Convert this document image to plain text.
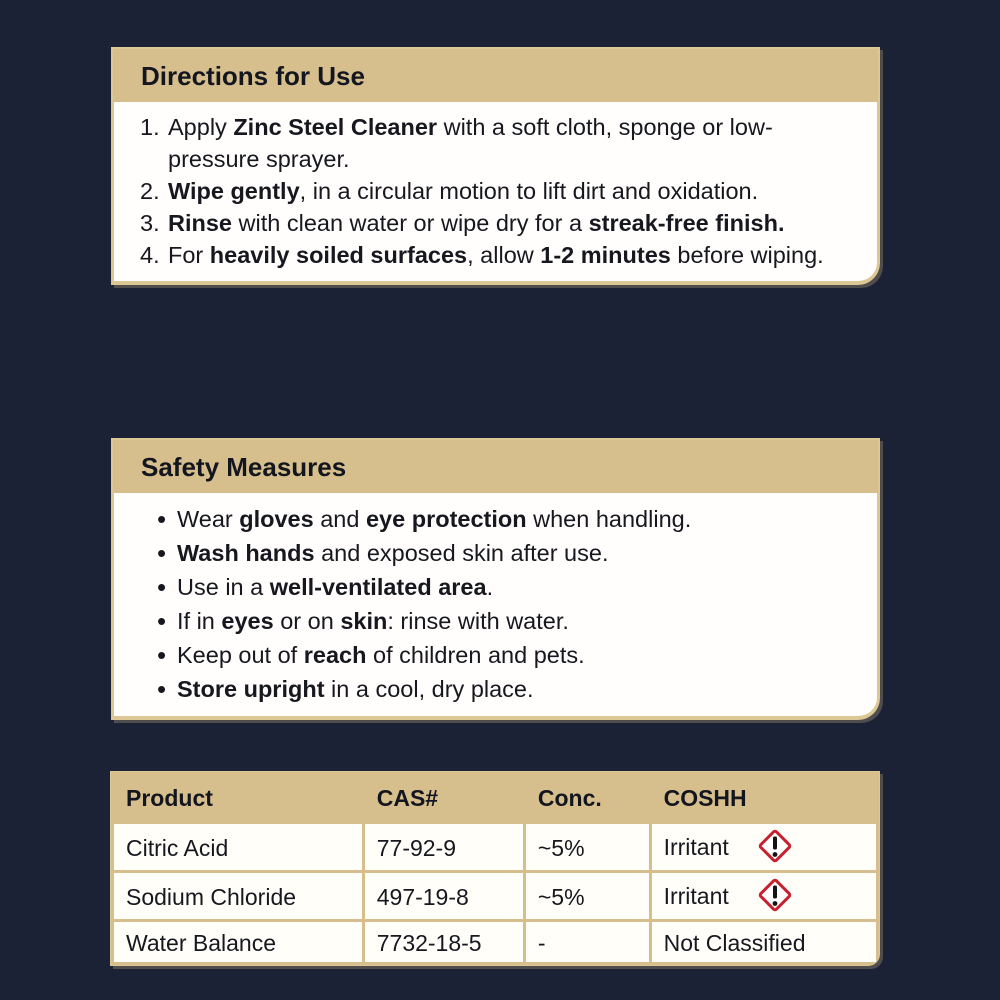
Directions for Use
Apply Zinc Steel Cleaner with a soft cloth, sponge or low-pressure sprayer.
Wipe gently, in a circular motion to lift dirt and oxidation.
Rinse with clean water or wipe dry for a streak-free finish.
For heavily soiled surfaces, allow 1-2 minutes before wiping.
Safety Measures
• Wear gloves and eye protection when handling.
• Wash hands and exposed skin after use.
• Use in a well-ventilated area.
• If in eyes or on skin: rinse with water.
• Keep out of reach of children and pets.
• Store upright in a cool, dry place.
Product	CAS#	Conc.	COSHH
Citric Acid	77-92-9	~5%	Irritant
Sodium Chloride	497-19-8	~5%	Irritant
Water Balance	7732-18-5	-	Not Classified
